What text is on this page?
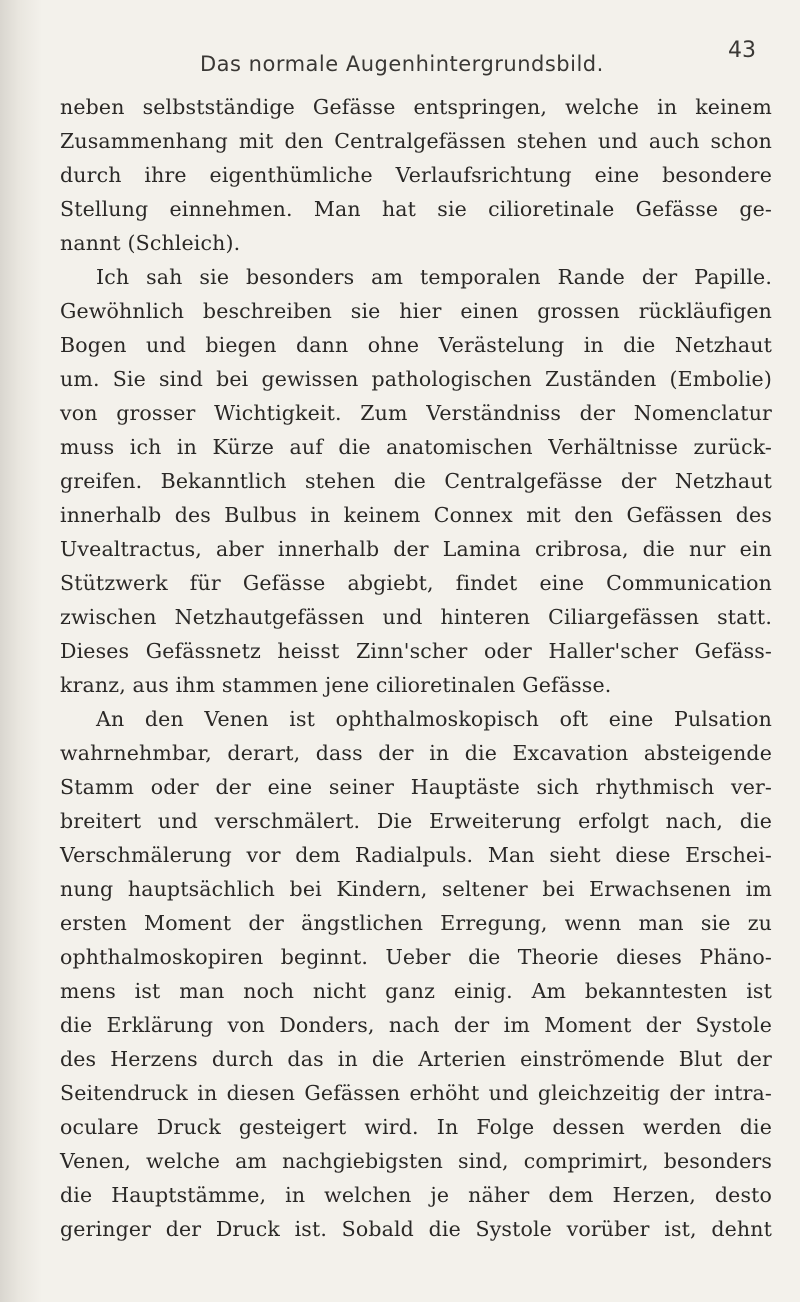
Das normale Augenhintergrundsbild.
43
neben selbstständige Gefässe entspringen, welche in keinem
Zusammenhang mit den Centralgefässen stehen und auch schon
durch ihre eigenthümliche Verlaufsrichtung eine besondere
Stellung einnehmen. Man hat sie cilioretinale Gefässe ge-
nannt (Schleich).
Ich sah sie besonders am temporalen Rande der Papille.
Gewöhnlich beschreiben sie hier einen grossen rückläufigen
Bogen und biegen dann ohne Verästelung in die Netzhaut
um. Sie sind bei gewissen pathologischen Zuständen (Embolie)
von grosser Wichtigkeit. Zum Verständniss der Nomenclatur
muss ich in Kürze auf die anatomischen Verhältnisse zurück-
greifen. Bekanntlich stehen die Centralgefässe der Netzhaut
innerhalb des Bulbus in keinem Connex mit den Gefässen des
Uvealtractus, aber innerhalb der Lamina cribrosa, die nur ein
Stützwerk für Gefässe abgiebt, findet eine Communication
zwischen Netzhautgefässen und hinteren Ciliargefässen statt.
Dieses Gefässnetz heisst Zinn'scher oder Haller'scher Gefäss-
kranz, aus ihm stammen jene cilioretinalen Gefässe.
An den Venen ist ophthalmoskopisch oft eine Pulsation
wahrnehmbar, derart, dass der in die Excavation absteigende
Stamm oder der eine seiner Hauptäste sich rhythmisch ver-
breitert und verschmälert. Die Erweiterung erfolgt nach, die
Verschmälerung vor dem Radialpuls. Man sieht diese Erschei-
nung hauptsächlich bei Kindern, seltener bei Erwachsenen im
ersten Moment der ängstlichen Erregung, wenn man sie zu
ophthalmoskopiren beginnt. Ueber die Theorie dieses Phäno-
mens ist man noch nicht ganz einig. Am bekanntesten ist
die Erklärung von Donders, nach der im Moment der Systole
des Herzens durch das in die Arterien einströmende Blut der
Seitendruck in diesen Gefässen erhöht und gleichzeitig der intra-
oculare Druck gesteigert wird. In Folge dessen werden die
Venen, welche am nachgiebigsten sind, comprimirt, besonders
die Hauptstämme, in welchen je näher dem Herzen, desto
geringer der Druck ist. Sobald die Systole vorüber ist, dehnt
